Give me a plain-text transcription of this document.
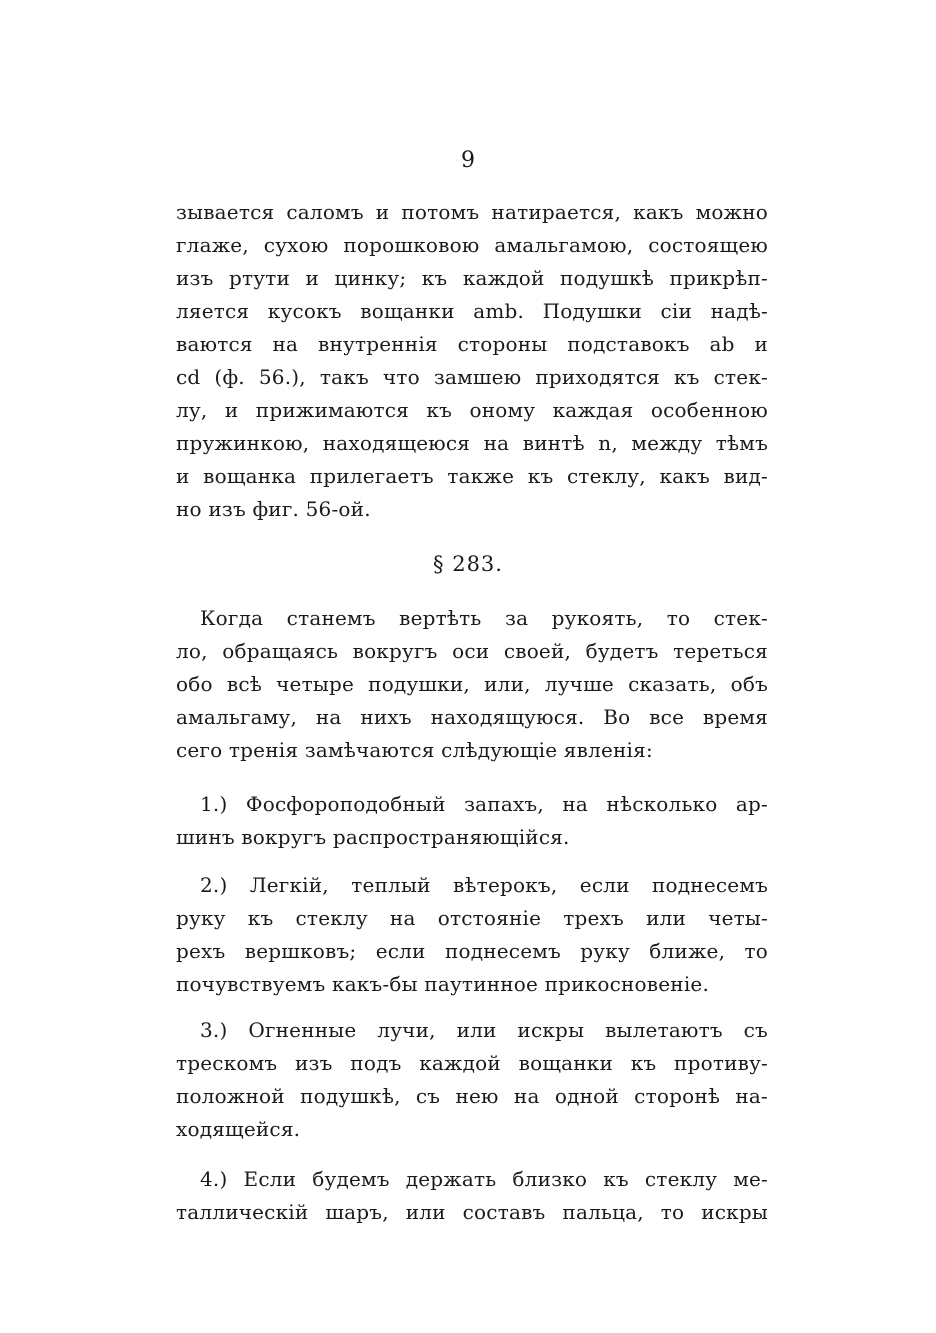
9
зывается саломъ и потомъ натирается, какъ можно
глаже, сухою порошковою амальгамою, состоящею
изъ ртути и цинку; къ каждой подушкѣ прикрѣп-
ляется кусокъ вощанки amb. Подушки сіи надѣ-
ваются на внутреннія стороны подставокъ ab и
cd (ф. 56.), такъ что замшею приходятся къ стек-
лу, и прижимаются къ оному каждая особенною
пружинкою, находящеюся на винтѣ n, между тѣмъ
и вощанка прилегаетъ также къ стеклу, какъ вид-
но изъ фиг. 56-ой.
§ 283.
Когда станемъ вертѣть за рукоять, то стек-
ло, обращаясь вокругъ оси своей, будетъ тереться
обо всѣ четыре подушки, или, лучше сказать, объ
амальгаму, на нихъ находящуюся. Во все время
сего тренія замѣчаются слѣдующіе явленія:
1.) Фосфороподобный запахъ, на нѣсколько ар-
шинъ вокругъ распространяющійся.
2.) Легкій, теплый вѣтерокъ, если поднесемъ
руку къ стеклу на отстояніе трехъ или четы-
рехъ вершковъ; если поднесемъ руку ближе, то
почувствуемъ какъ-бы паутинное прикосновеніе.
3.) Огненные лучи, или искры вылетаютъ съ
трескомъ изъ подъ каждой вощанки къ противу-
положной подушкѣ, съ нею на одной сторонѣ на-
ходящейся.
4.) Если будемъ держать близко къ стеклу ме-
таллическій шаръ, или составъ пальца, то искры
